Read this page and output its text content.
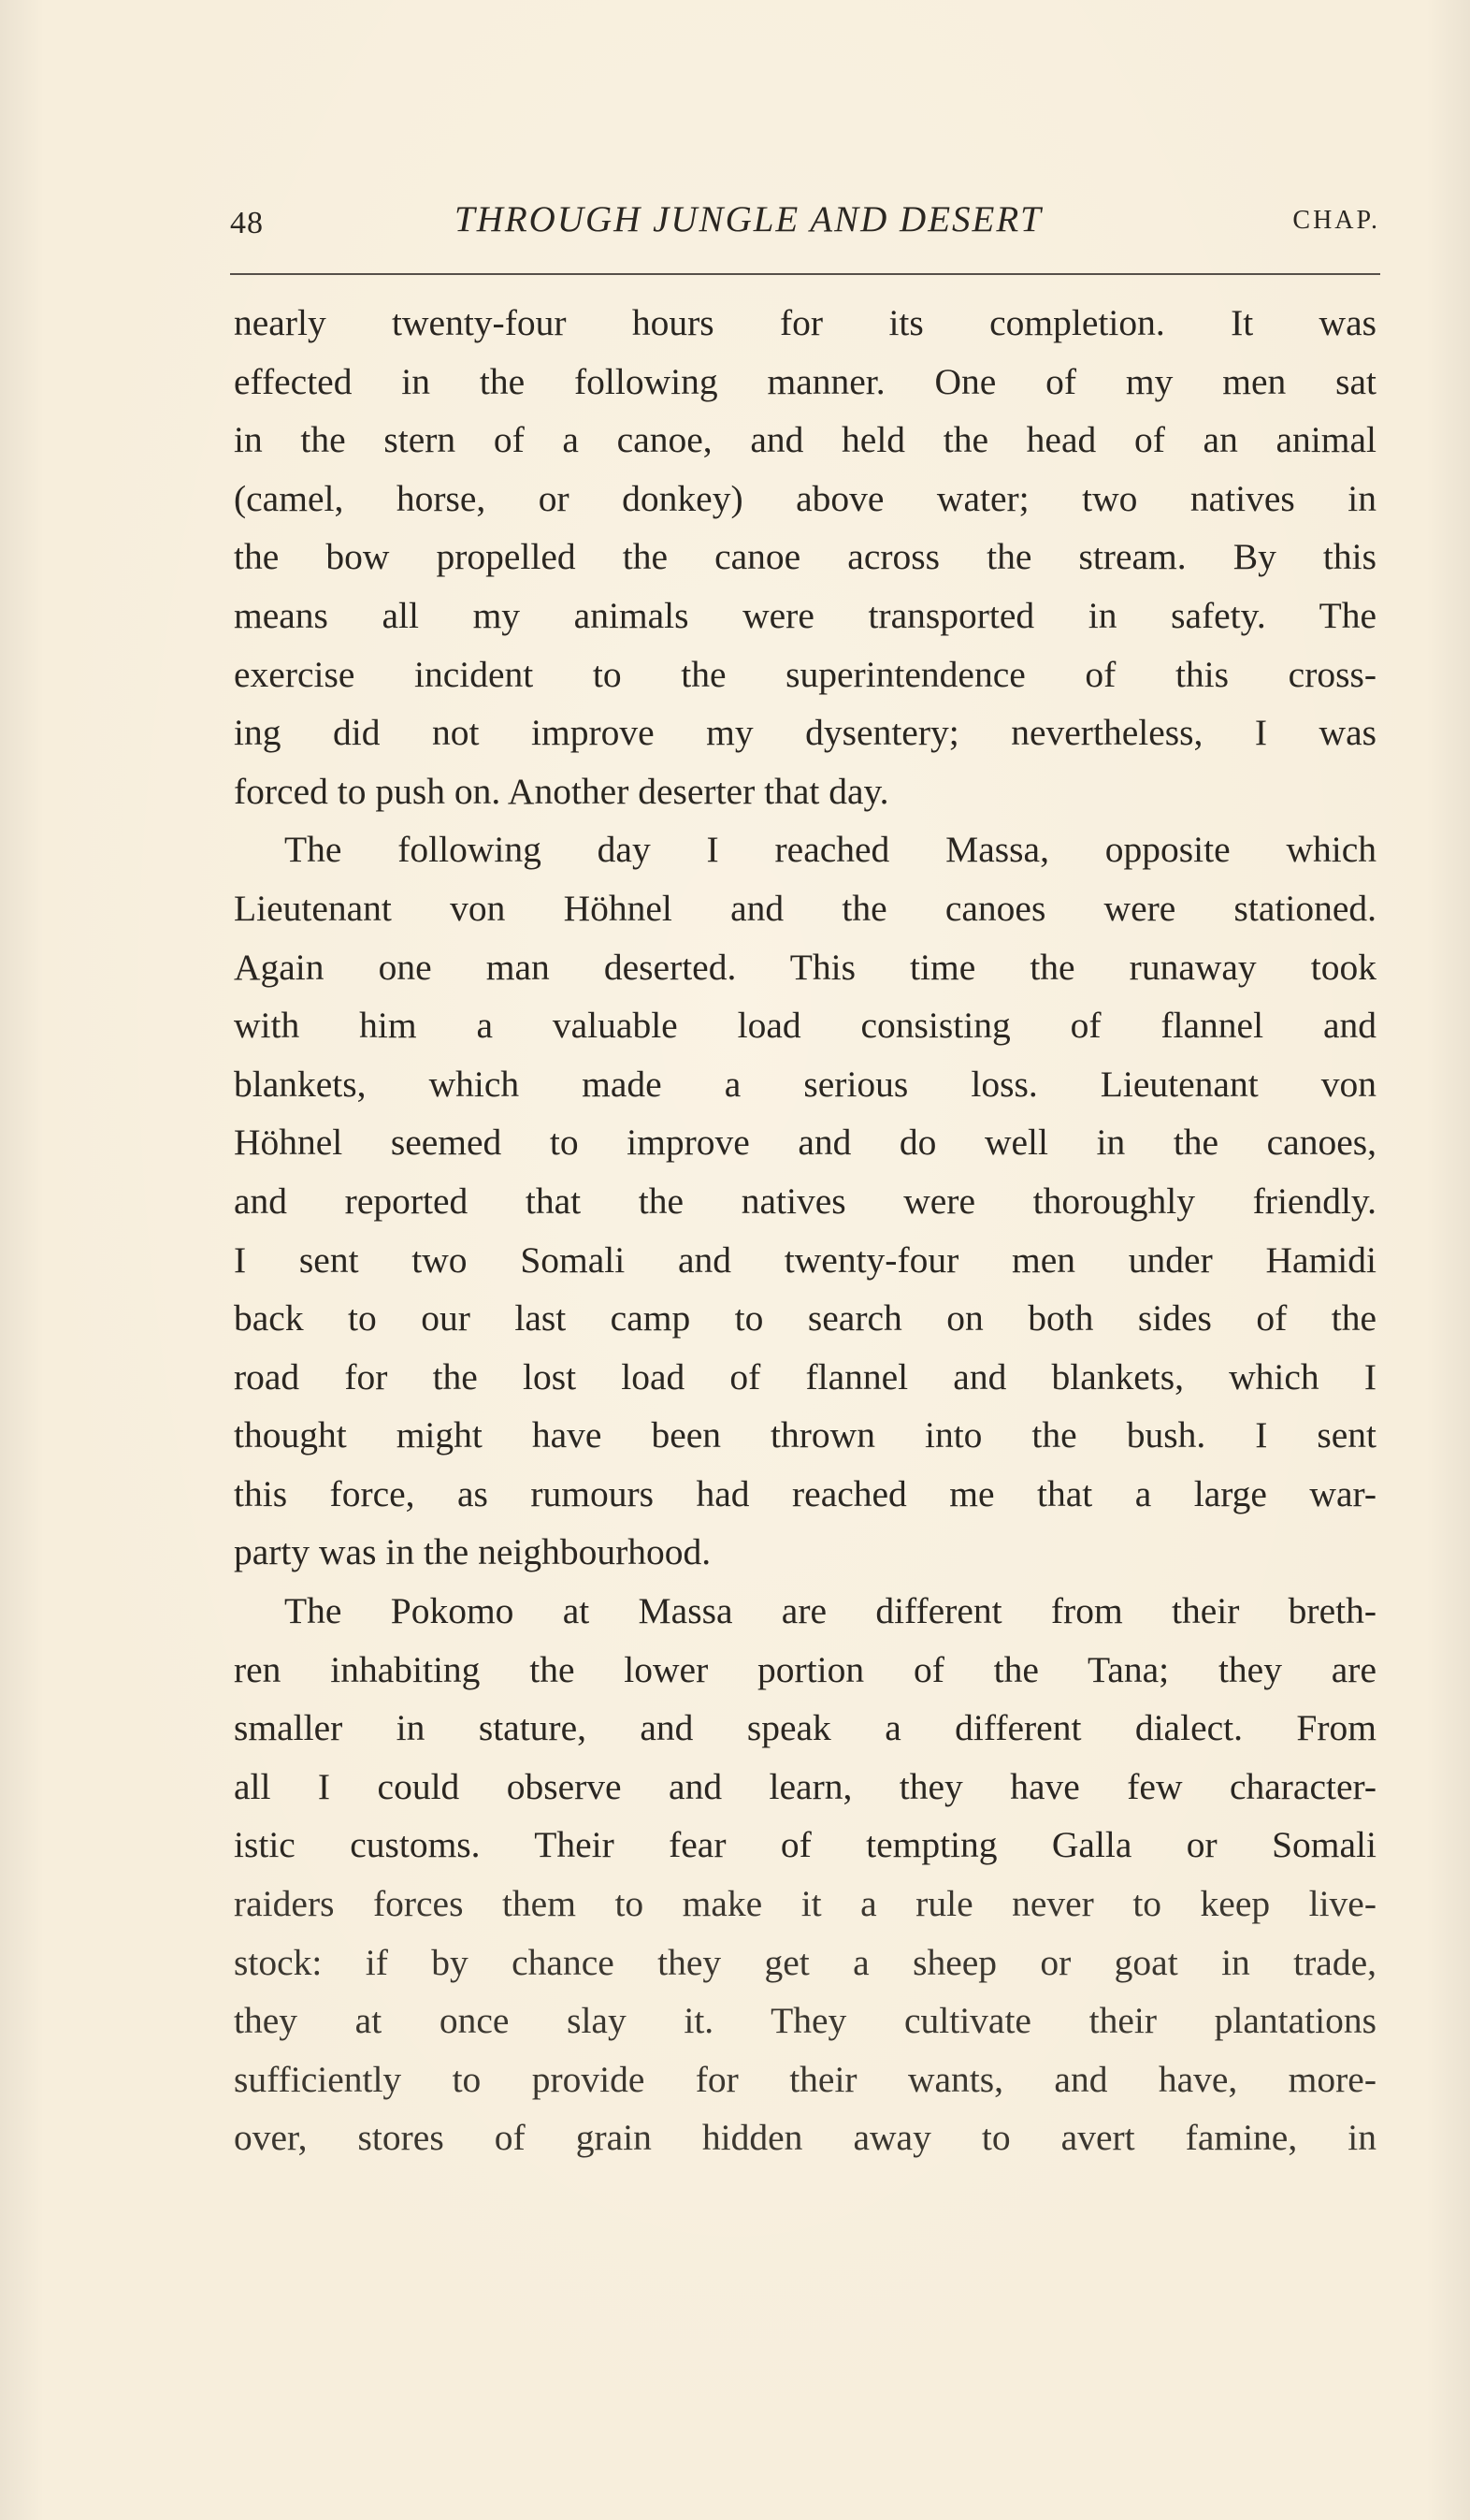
48	THROUGH JUNGLE AND DESERT	CHAP.
nearly twenty-four hours for its completion. It was
effected in the following manner. One of my men sat
in the stern of a canoe, and held the head of an animal
(camel, horse, or donkey) above water; two natives in
the bow propelled the canoe across the stream. By this
means all my animals were transported in safety. The
exercise incident to the superintendence of this cross-
ing did not improve my dysentery; nevertheless, I was
forced to push on. Another deserter that day.
The following day I reached Massa, opposite which
Lieutenant von Höhnel and the canoes were stationed.
Again one man deserted. This time the runaway took
with him a valuable load consisting of flannel and
blankets, which made a serious loss. Lieutenant von
Höhnel seemed to improve and do well in the canoes,
and reported that the natives were thoroughly friendly.
I sent two Somali and twenty-four men under Hamidi
back to our last camp to search on both sides of the
road for the lost load of flannel and blankets, which I
thought might have been thrown into the bush. I sent
this force, as rumours had reached me that a large war-
party was in the neighbourhood.
The Pokomo at Massa are different from their breth-
ren inhabiting the lower portion of the Tana; they are
smaller in stature, and speak a different dialect. From
all I could observe and learn, they have few character-
istic customs. Their fear of tempting Galla or Somali
raiders forces them to make it a rule never to keep live-
stock: if by chance they get a sheep or goat in trade,
they at once slay it. They cultivate their plantations
sufficiently to provide for their wants, and have, more-
over, stores of grain hidden away to avert famine, in
